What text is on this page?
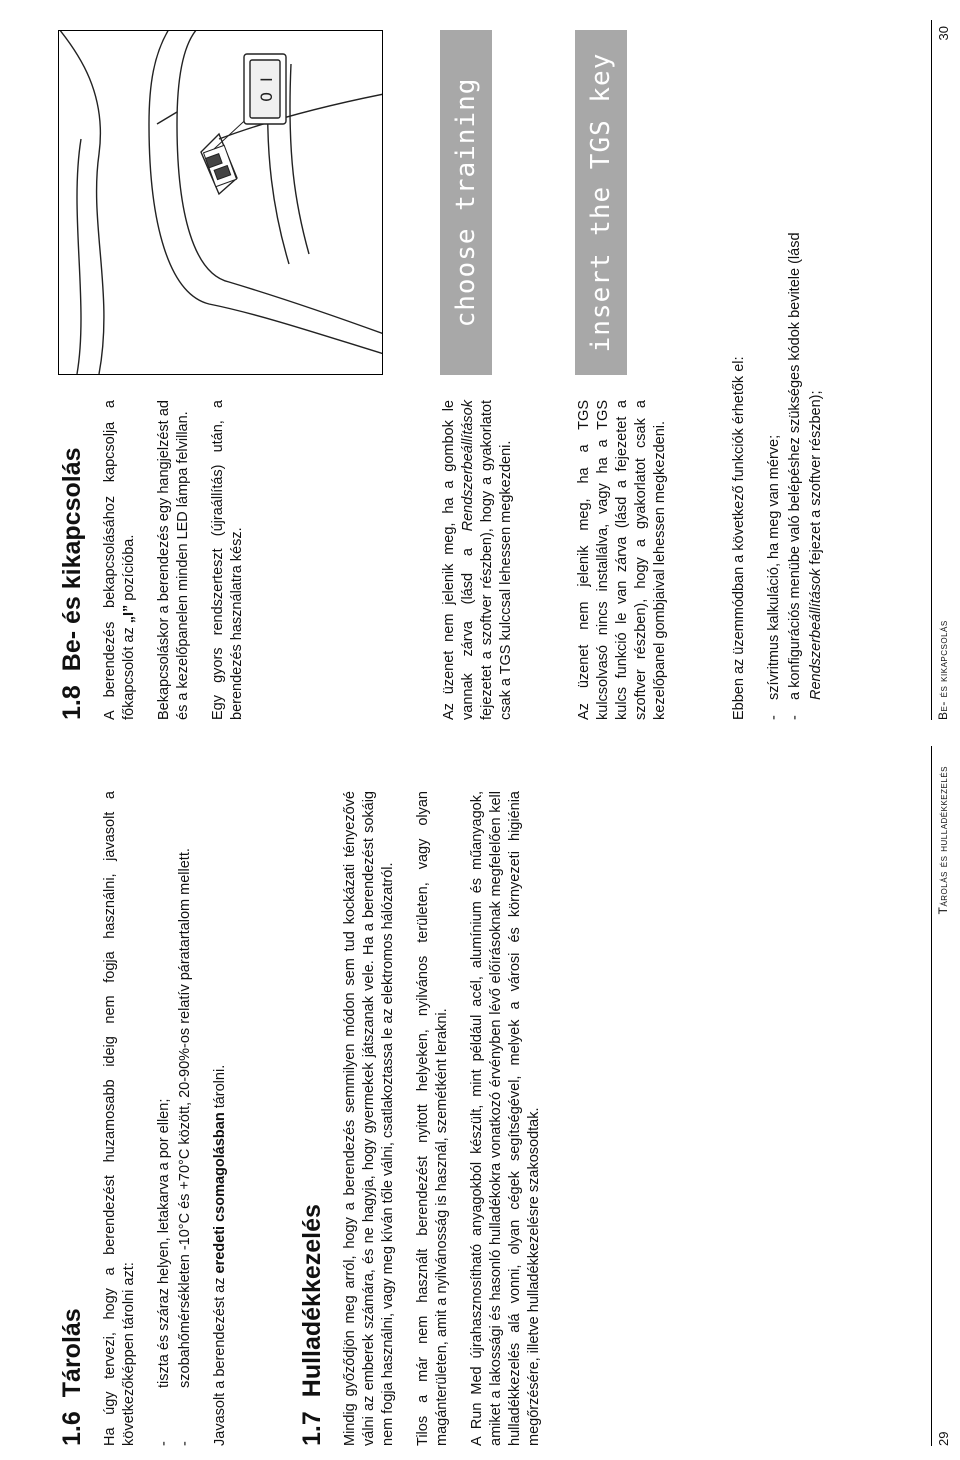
1.6
Tárolás Ha úgy tervezi, hogy a berendezést huzamosabb ideig nem fogja használni, javasolt a következőképpen tárolni azt: -
tiszta és száraz helyen, letakarva a por ellen;
-
szobahőmérsékleten -10°C és +70°C között, 20-90%-os relatív páratartalom mellett. Javasolt a berendezést az eredeti csomagolásban tárolni.

1.7
Hulladékkezelés Mindig győződjön meg arról, hogy a berendezés semmilyen módon sem tud kockázati tényezővé válni az emberek számára, és ne hagyja, hogy gyermekek játszanak vele. Ha a berendezést sokáig nem fogja használni, vagy meg kíván tőle válni, csatlakoztassa le az elektromos hálózatról. Tilos a már nem használt berendezést nyitott helyeken, nyilvános területen, vagy olyan magánterületen, amit a nyilvánosság is használ, szemétként lerakni. A Run Med újrahasznosítható anyagokból készült, mint például acél, alumínium és műanyagok, amiket a lakossági és hasonló hulladékokra vonatkozó érvényben lévő előírásoknak megfelelően kell hulladékkezelés alá vonni, olyan cégek segítségével, melyek a városi és környezeti higiénia megőrzésére, illetve hulladékkezelésre szakosodtak.	29
Tárolás és hulladékkezelés
1.8
Be- és kikapcsolás A berendezés bekapcsolásához kapcsolja a főkapcsolót az „I” pozícióba. Bekapcsoláskor a berendezés egy hangjelzést ad és a kezelőpanelen minden LED lámpa felvillan. Egy gyors rendszerteszt (újraállítás) után, a berendezés használatra kész.

0
I

Az üzenet nem jelenik meg, ha a gombok le vannak zárva (lásd a Rendszerbeállítások fejezetet a szoftver részben), hogy a gyakorlatot csak a TGS kulccsal lehessen megkezdeni.

choose training

Az üzenet nem jelenik meg, ha a TGS kulcsolvasó nincs installálva, vagy ha a TGS kulcs funkció le van zárva (lásd a fejezetet a szoftver részben), hogy a gyakorlatot csak a kezelőpanel gombjaival lehessen megkezdeni.

insert the TGS key

Ebben az üzemmódban a következő funkciók érhetők el: -
szívritmus kalkuláció, ha meg van mérve;
-
a konfigurációs menübe való belépéshez szükséges kódok bevitele (lásd Rendszerbeállítások fejezet a szoftver részben);
Be- és kikapcsolás
30
